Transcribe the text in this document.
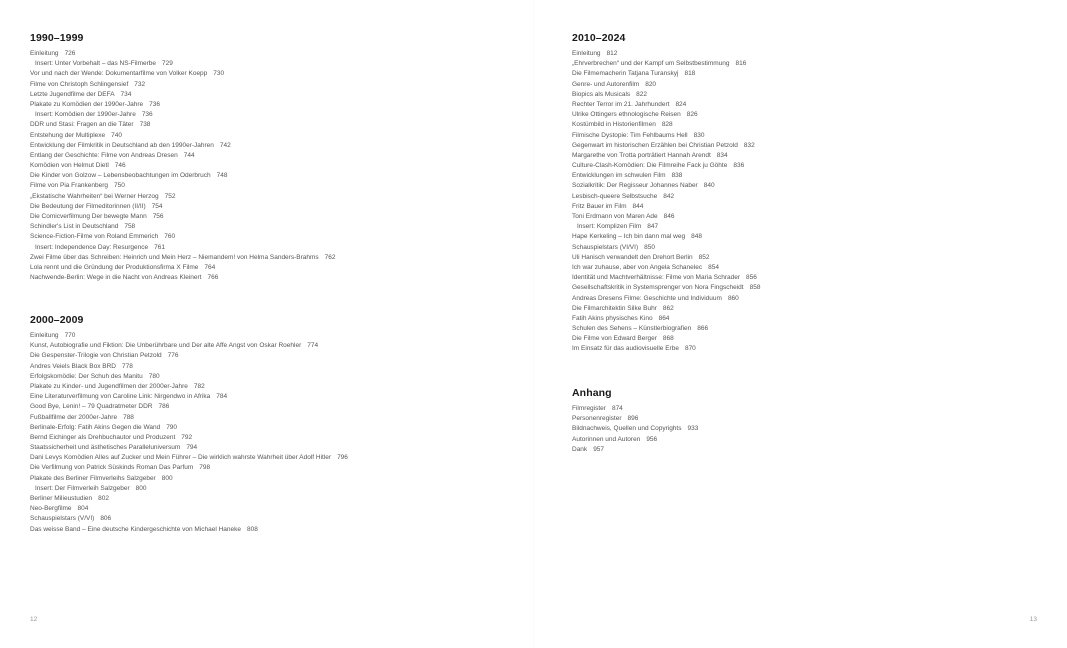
1990–1999
Einleitung 726
Insert: Unter Vorbehalt – das NS-Filmerbe 729
Vor und nach der Wende: Dokumentarfilme von Volker Koepp 730
Filme von Christoph Schlingensief 732
Letzte Jugendfilme der DEFA 734
Plakate zu Komödien der 1990er-Jahre 736
Insert: Komödien der 1990er-Jahre 736
DDR und Stasi: Fragen an die Täter 738
Entstehung der Multiplexe 740
Entwicklung der Filmkritik in Deutschland ab den 1990er-Jahren 742
Entlang der Geschichte: Filme von Andreas Dresen 744
Komödien von Helmut Dietl 746
Die Kinder von Golzow – Lebensbeobachtungen im Oderbruch 748
Filme von Pia Frankenberg 750
„Ekstatische Wahrheiten“ bei Werner Herzog 752
Die Bedeutung der Filmeditorinnen (II/II) 754
Die Comicverfilmung Der bewegte Mann 756
Schindler's List in Deutschland 758
Science-Fiction-Filme von Roland Emmerich 760
Insert: Independence Day: Resurgence 761
Zwei Filme über das Schreiben: Heinrich und Mein Herz – Niemandem! von Helma Sanders-Brahms 762
Lola rennt und die Gründung der Produktionsfirma X Filme 764
Nachwende-Berlin: Wege in die Nacht von Andreas Kleinert 766
2000–2009
Einleitung 770
Kunst, Autobiografie und Fiktion: Die Unberührbare und Der alte Affe Angst von Oskar Roehler 774
Die Gespenster-Trilogie von Christian Petzold 776
Andres Veiels Black Box BRD 778
Erfolgskomödie: Der Schuh des Manitu 780
Plakate zu Kinder- und Jugendfilmen der 2000er-Jahre 782
Eine Literaturverfilmung von Caroline Link: Nirgendwo in Afrika 784
Good Bye, Lenin! – 79 Quadratmeter DDR 786
Fußballfilme der 2000er-Jahre 788
Berlinale-Erfolg: Fatih Akins Gegen die Wand 790
Bernd Eichinger als Drehbuchautor und Produzent 792
Staatssicherheit und ästhetisches Paralleluniversum 794
Dani Levys Komödien Alles auf Zucker und Mein Führer – Die wirklich wahrste Wahrheit über Adolf Hitler 796
Die Verfilmung von Patrick Süskinds Roman Das Parfum 798
Plakate des Berliner Filmverleihs Salzgeber 800
Insert: Der Filmverleih Salzgeber 800
Berliner Milieustudien 802
Neo-Bergfilme 804
Schauspielstars (V/VI) 806
Das weisse Band – Eine deutsche Kindergeschichte von Michael Haneke 808
12
2010–2024
Einleitung 812
„Ehrverbrechen“ und der Kampf um Selbstbestimmung 816
Die Filmemacherin Tatjana Turanskyj 818
Genre- und Autorenfilm 820
Biopics als Musicals 822
Rechter Terror im 21. Jahrhundert 824
Ulrike Ottingers ethnologische Reisen 826
Kostümbild in Historienfilmen 828
Filmische Dystopie: Tim Fehlbaums Hell 830
Gegenwart im historischen Erzählen bei Christian Petzold 832
Margarethe von Trotta porträtiert Hannah Arendt 834
Culture-Clash-Komödien: Die Filmreihe Fack ju Göhte 836
Entwicklungen im schwulen Film 838
Sozialkritik: Der Regisseur Johannes Naber 840
Lesbisch-queere Selbstsuche 842
Fritz Bauer im Film 844
Toni Erdmann von Maren Ade 846
Insert: Komplizen Film 847
Hape Kerkeling – Ich bin dann mal weg 848
Schauspielstars (VI/VI) 850
Uli Hanisch verwandelt den Drehort Berlin 852
Ich war zuhause, aber von Angela Schanelec 854
Identität und Machtverhältnisse: Filme von Maria Schrader 856
Gesellschaftskritik in Systemsprenger von Nora Fingscheidt 858
Andreas Dresens Filme: Geschichte und Individuum 860
Die Filmarchitektin Silke Buhr 862
Fatih Akins physisches Kino 864
Schulen des Sehens – Künstlerbiografien 866
Die Filme von Edward Berger 868
Im Einsatz für das audiovisuelle Erbe 870
Anhang
Filmregister 874
Personenregister 896
Bildnachweis, Quellen und Copyrights 933
Autorinnen und Autoren 956
Dank 957
13
